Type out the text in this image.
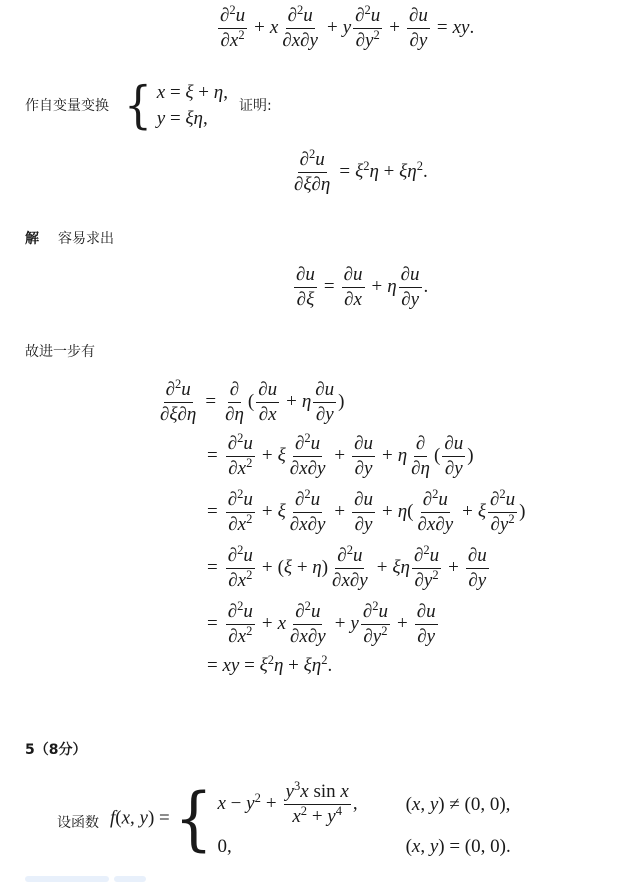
$\frac{\partial^2u}{\partial x^2} + x \frac{\partial^2u}{\partial x\partial y} + y \frac{\partial^2u}{\partial y^2} + \frac{\partial u}{\partial y}$ = xy.
作自变量变换 { x = ξ + η,
y = ξη,
证明:
$\frac{\partial^2u}{\partial\xi\partial\eta} = \xi^2\eta + \xi\eta^2$.
解 容易求出
$\frac{\partial u}{\partial\xi} = \frac{\partial u}{\partial x} + \eta \frac{\partial u}{\partial y}$ .
故进一步有
$\frac{\partial^2u}{\partial\xi\partial\eta} = \frac{\partial}{\partial\eta}$ ( $\frac{\partial u}{\partial x} + \eta \frac{\partial u}{\partial y}$ )
= $\frac{\partial^2u}{\partial x^2} + \xi \frac{\partial^2u}{\partial x\partial y} + \frac{\partial u}{\partial y} + \eta \frac{\partial}{\partial\eta}$ ( $\frac{\partial u}{\partial y}$ )
= $\frac{\partial^2u}{\partial x^2} + \xi \frac{\partial^2u}{\partial x\partial y} + \frac{\partial u}{\partial y} + \eta( \frac{\partial^2u}{\partial x\partial y} + \xi \frac{\partial^2u}{\partial y^2}$ )
= $\frac{\partial^2u}{\partial x^2} + (\xi + \eta) \frac{\partial^2u}{\partial x\partial y} + \xi\eta \frac{\partial^2u}{\partial y^2} + \frac{\partial u}{\partial y}$
= $\frac{\partial^2u}{\partial x^2} + x \frac{\partial^2u}{\partial x\partial y} + y \frac{\partial^2u}{\partial y^2} + \frac{\partial u}{\partial y}$
= xy = $\xi^2\eta + \xi\eta^2$.
5（8分）
设函数 f(x, y) = { $x - y^2 + \frac{y^3x \sin x}{x^2 + y^4}$ ,	(x, y) ≠ (0, 0),
0,	(x, y) = (0, 0).
